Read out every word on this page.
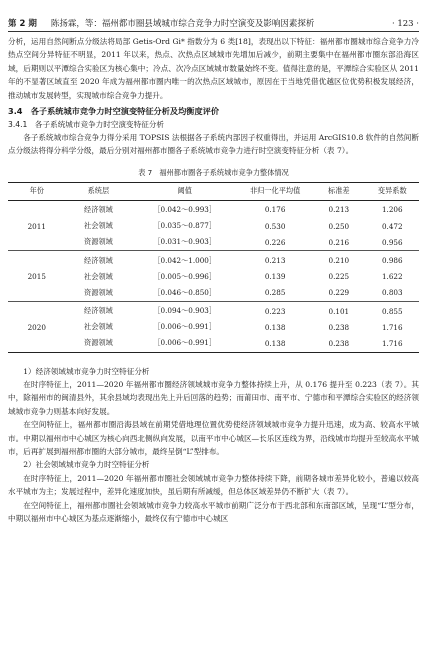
第 2 期 陈扬霖，等：福州都市圈县域城市综合竞争力时空演变及影响因素探析	· 123 ·

分析，运用自然间断点分级法将局部 Getis-Ord Gi* 指数分为 6 类[18]，表现出以下特征：福州都市圈城市综合竞争力冷热点空间分异特征不明显，2011 年以来，热点、次热点区域城市先增加后减少，前期主要集中在福州都市圈东部沿海区域，后期则以平潭综合实验区为核心集中；冷点、次冷点区域城市数量始终不变。值得注意的是，平潭综合实验区从 2011 年的不显著区域直至 2020 年成为福州都市圈内唯一的次热点区域城市，原因在于当地凭借优越区位优势积极发展经济，推动城市发展转型，实现城市综合竞争力提升。

3.4　各子系统城市竞争力时空演变特征分析及均衡度评价
3.4.1　各子系统城市竞争力时空演变特征分析

各子系统城市综合竞争力得分采用 TOPSIS 法根据各子系统内部因子权重得出，并运用 ArcGIS10.8 软件的自然间断点分级法将得分科学分级，最后分别对福州都市圈各子系统城市竞争力进行时空演变特征分析（表 7）。

表 7　福州都市圈各子系统城市竞争力整体情况
年份	系统层	阈值	非归一化平均值	标准差	变异系数
2011	经济领域	［0.042～0.993］	0.176	0.213	1.206
	社会领域	［0.035～0.877］	0.530	0.250	0.472
	资源领域	［0.031～0.903］	0.226	0.216	0.956
2015	经济领域	［0.042～1.000］	0.213	0.210	0.986
	社会领域	［0.005～0.996］	0.139	0.225	1.622
	资源领域	［0.046～0.850］	0.285	0.229	0.803
2020	经济领域	［0.094～0.903］	0.223	0.101	0.855
	社会领域	［0.006～0.991］	0.138	0.238	1.716
	资源领域	［0.006～0.991］	0.138	0.238	1.716

1）经济领域城市竞争力时空特征分析

在时序特征上，2011—2020 年福州都市圈经济领域城市竞争力整体持续上升，从 0.176 提升至 0.223（表 7）。其中，除福州市的闽清县外，其余县域均表现出先上升后回落的趋势；而莆田市、南平市、宁德市和平潭综合实验区的经济领域城市竞争力则基本向好发展。

在空间特征上，福州都市圈沿海县域在前期凭借地理位置优势使经济领域城市竞争力提升迅速，成为高、较高水平城市。中期以福州市中心城区为核心向西北侧纵向发展，以南平市中心城区—长乐区连线为界，沿线城市均提升至较高水平城市，后再扩展到福州都市圈的大部分城市，最终呈倒“L”型排布。

2）社会领域城市竞争力时空特征分析

在时序特征上，2011—2020 年福州都市圈社会领域城市竞争力整体持续下降，前期各城市差异化较小，普遍以较高水平城市为主；发展过程中，差异化速度加快，虽后期有所减缓，但总体区域差异仍不断扩大（表 7）。

在空间特征上，福州都市圈社会领域城市竞争力较高水平城市前期广泛分布于西北部和东南部区域，呈现“L”型分布，中期以福州市中心城区为基点逐渐缩小，最终仅有宁德市中心城区
